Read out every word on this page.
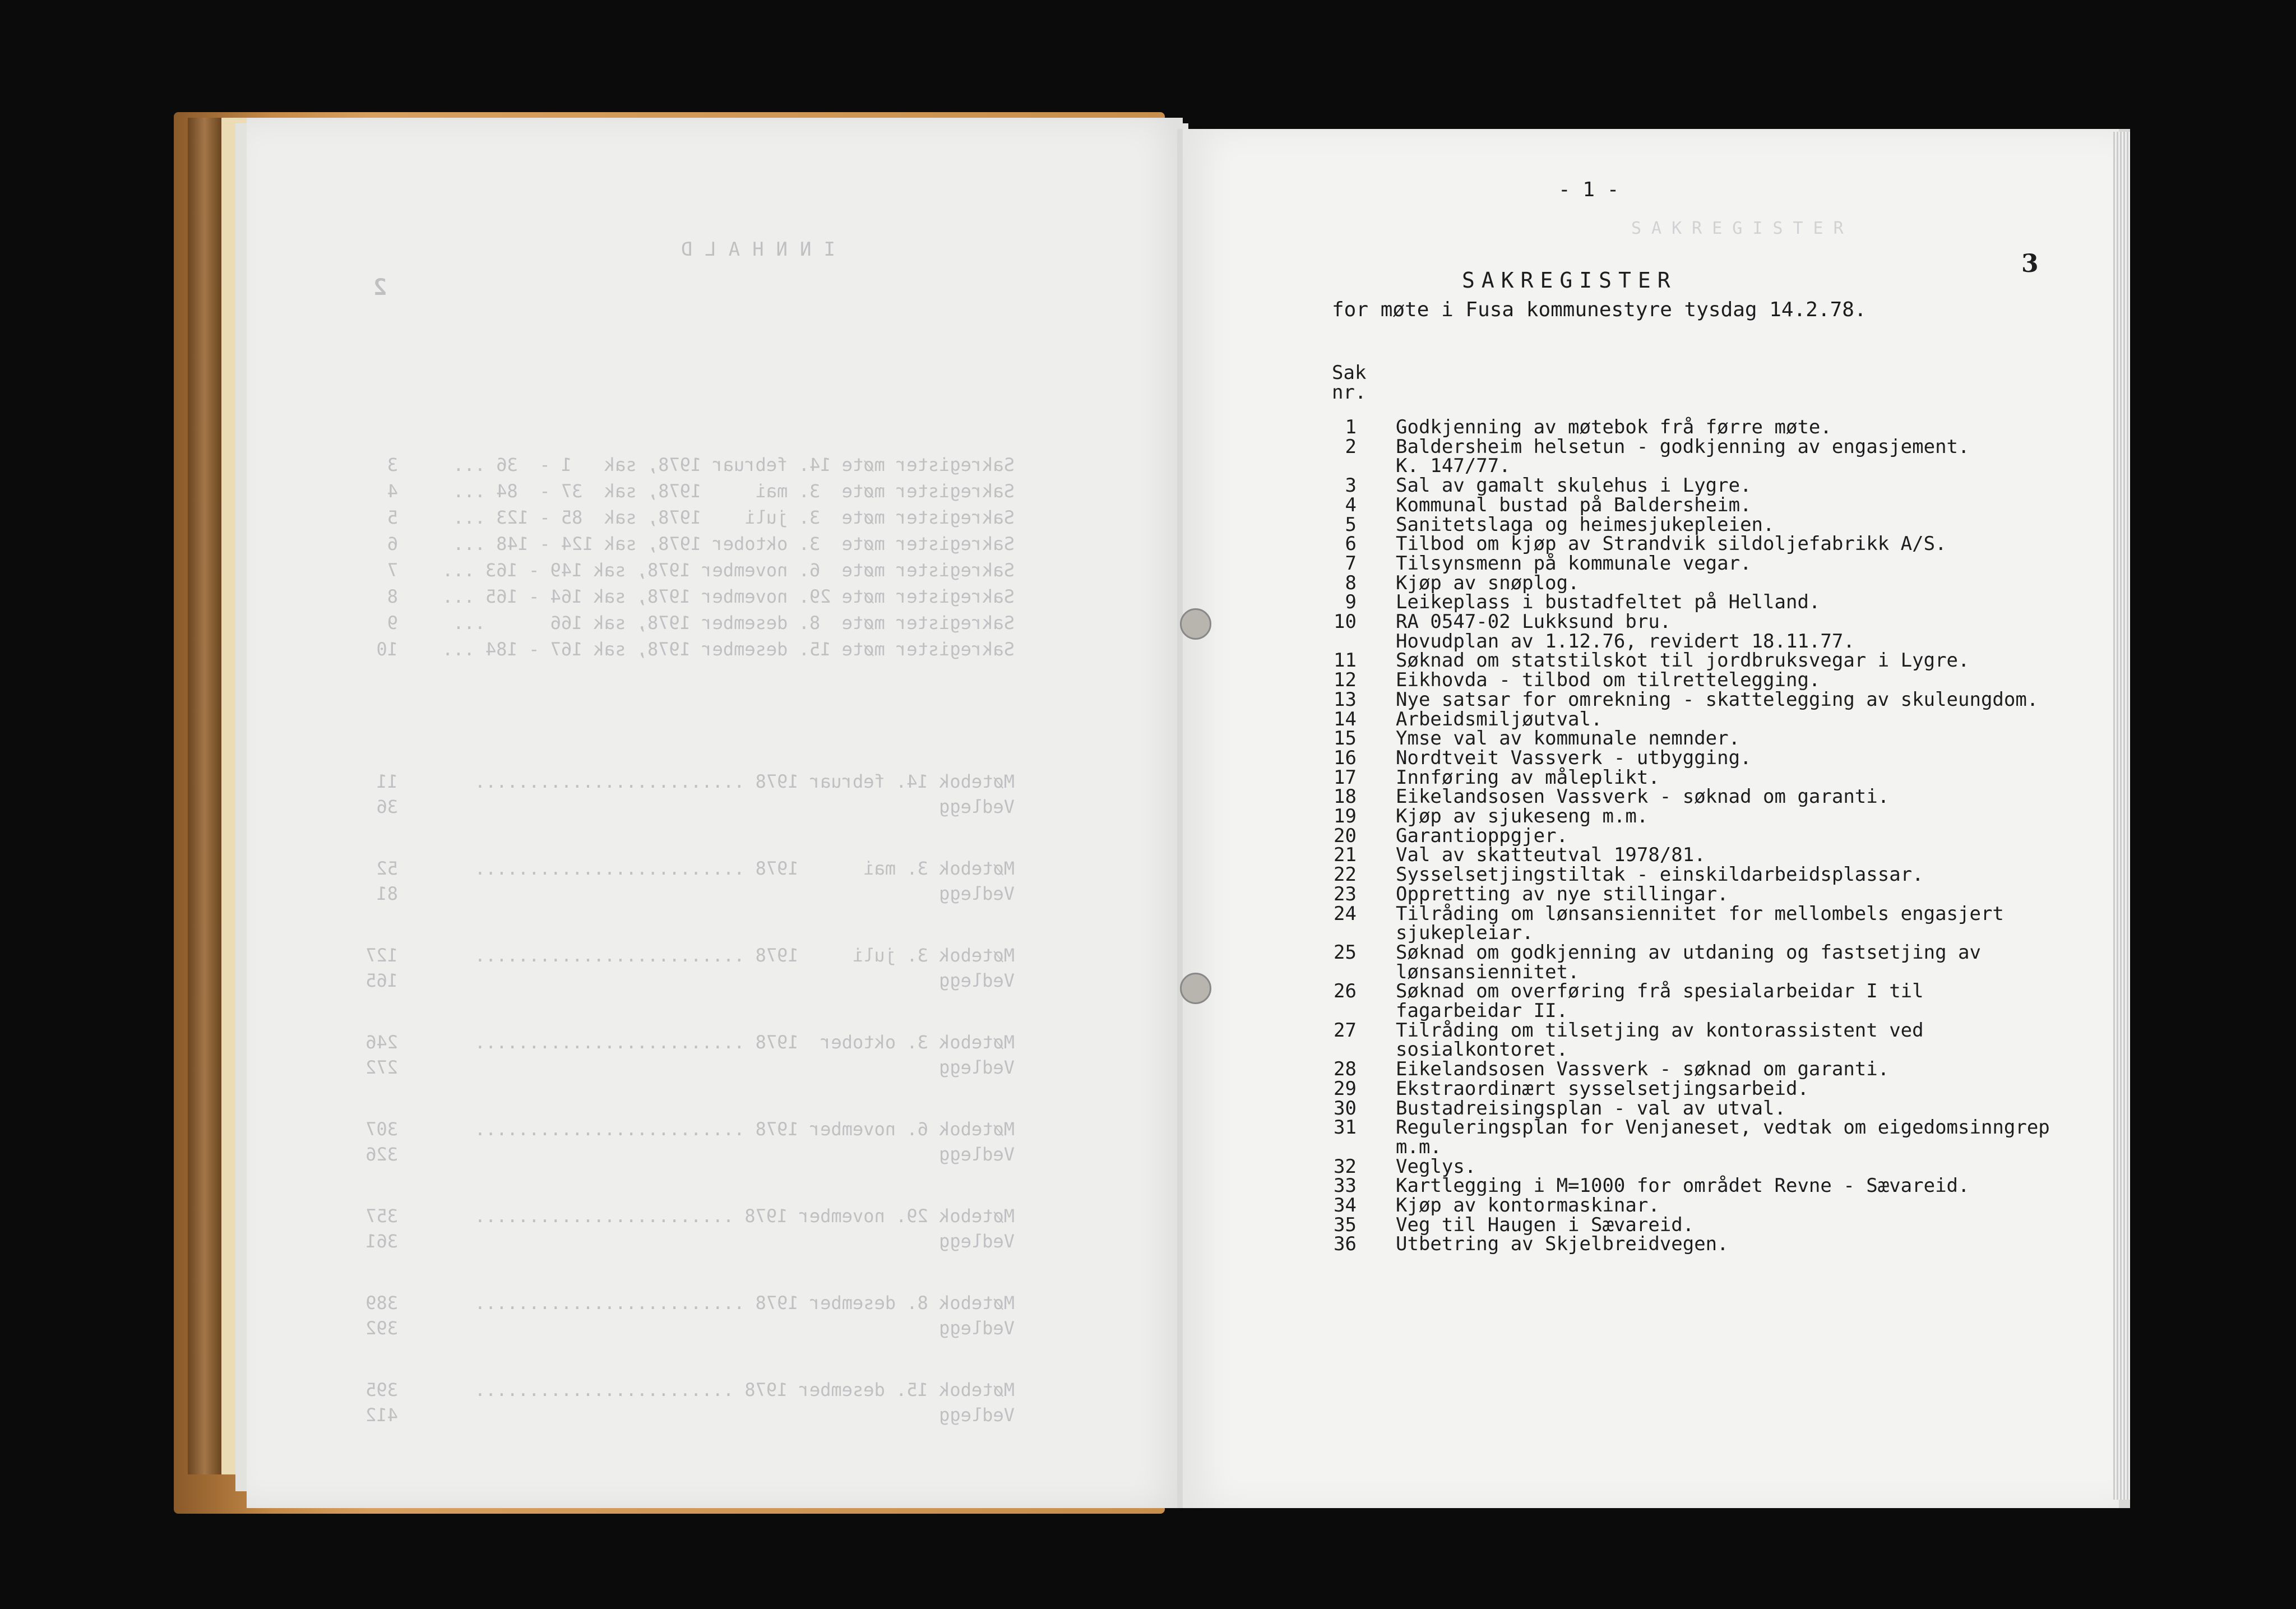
INNHALD
2
Sakregister møte 14. februar 1978, sak   1 -  36 ...
3
Sakregister møte  3. mai     1978, sak  37 -  84 ...
4
Sakregister møte  3. juli    1978, sak  85 - 123 ...
5
Sakregister møte  3. oktober 1978, sak 124 - 148 ...
6
Sakregister møte  6. november 1978, sak 149 - 163 ...
7
Sakregister møte 29. november 1978, sak 164 - 165 ...
8
Sakregister møte  8. desember 1978, sak 166      ...
9
Sakregister møte 15. desember 1978, sak 167 - 184 ...
10
Møtebok 14. februar 1978 .........................
11
Vedlegg
36
Møtebok 3. mai      1978 .........................
52
Vedlegg
81
Møtebok 3. juli     1978 .........................
127
Vedlegg
165
Møtebok 3. oktober  1978 .........................
246
Vedlegg
272
Møtebok 6. november 1978 .........................
307
Vedlegg
326
Møtebok 29. november 1978 ........................
357
Vedlegg
361
Møtebok 8. desember 1978 .........................
389
Vedlegg
392
Møtebok 15. desember 1978 ........................
395
Vedlegg
412
SAKREGISTER
- 1 -
3
SAKREGISTER
for møte i Fusa kommunestyre tysdag 14.2.78.
Sak
nr.
1 Godkjenning av møtebok frå førre møte.
2 Baldersheim helsetun - godkjenning av engasjement.
K. 147/77.
3 Sal av gamalt skulehus i Lygre.
4 Kommunal bustad på Baldersheim.
5 Sanitetslaga og heimesjukepleien.
6 Tilbod om kjøp av Strandvik sildoljefabrikk A/S.
7 Tilsynsmenn på kommunale vegar.
8 Kjøp av snøplog.
9 Leikeplass i bustadfeltet på Helland.
10 RA 0547-02 Lukksund bru.
Hovudplan av 1.12.76, revidert 18.11.77.
11 Søknad om statstilskot til jordbruksvegar i Lygre.
12 Eikhovda - tilbod om tilrettelegging.
13 Nye satsar for omrekning - skattelegging av skuleungdom.
14 Arbeidsmiljøutval.
15 Ymse val av kommunale nemnder.
16 Nordtveit Vassverk - utbygging.
17 Innføring av måleplikt.
18 Eikelandsosen Vassverk - søknad om garanti.
19 Kjøp av sjukeseng m.m.
20 Garantioppgjer.
21 Val av skatteutval 1978/81.
22 Sysselsetjingstiltak - einskildarbeidsplassar.
23 Oppretting av nye stillingar.
24 Tilråding om lønsansiennitet for mellombels engasjert
sjukepleiar.
25 Søknad om godkjenning av utdaning og fastsetjing av
lønsansiennitet.
26 Søknad om overføring frå spesialarbeidar I til
fagarbeidar II.
27 Tilråding om tilsetjing av kontorassistent ved
sosialkontoret.
28 Eikelandsosen Vassverk - søknad om garanti.
29 Ekstraordinært sysselsetjingsarbeid.
30 Bustadreisingsplan - val av utval.
31 Reguleringsplan for Venjaneset, vedtak om eigedomsinngrep
m.m.
32 Veglys.
33 Kartlegging i M=1000 for området Revne - Sævareid.
34 Kjøp av kontormaskinar.
35 Veg til Haugen i Sævareid.
36 Utbetring av Skjelbreidvegen.
